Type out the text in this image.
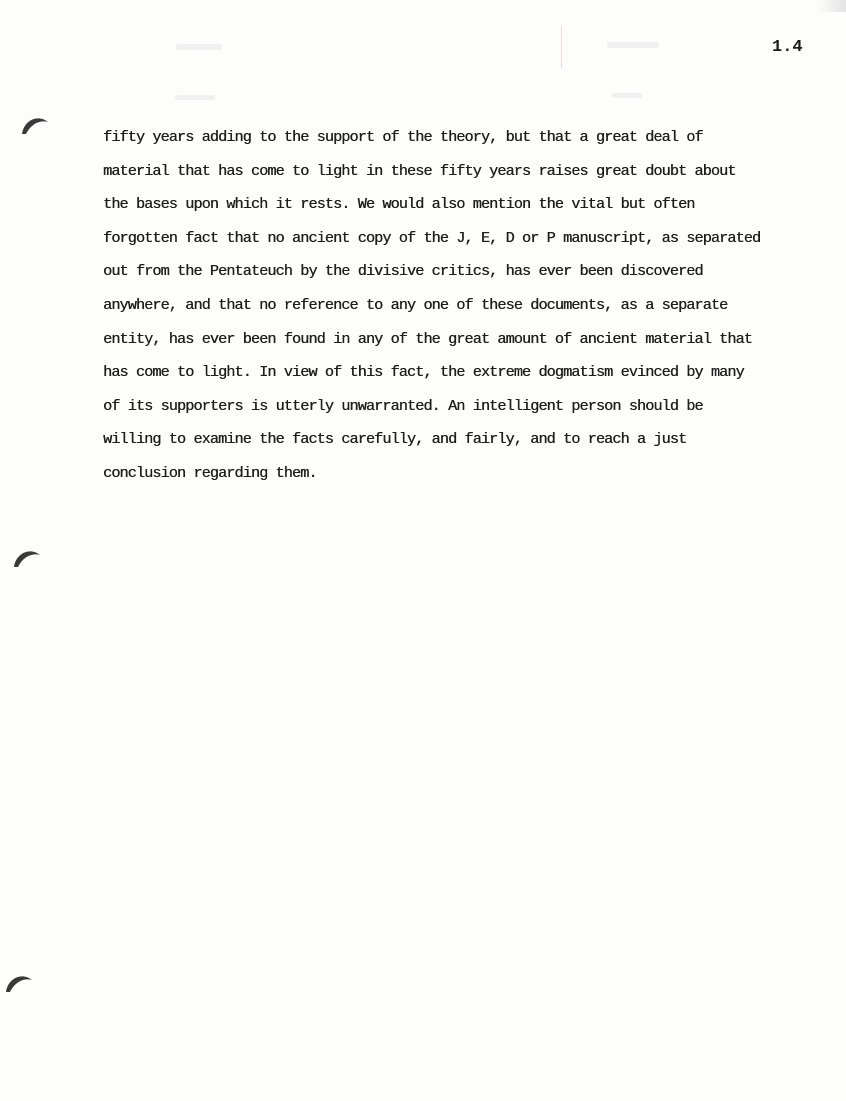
1.4
fifty years adding to the support of the theory, but that a great deal of
material that has come to light in these fifty years raises great doubt about
the bases upon which it rests. We would also mention the vital but often
forgotten fact that no ancient copy of the J, E, D or P manuscript, as separated
out from the Pentateuch by the divisive critics, has ever been discovered
anywhere, and that no reference to any one of these documents, as a separate
entity, has ever been found in any of the great amount of ancient material that
has come to light. In view of this fact, the extreme dogmatism evinced by many
of its supporters is utterly unwarranted. An intelligent person should be
willing to examine the facts carefully, and fairly, and to reach a just
conclusion regarding them.
